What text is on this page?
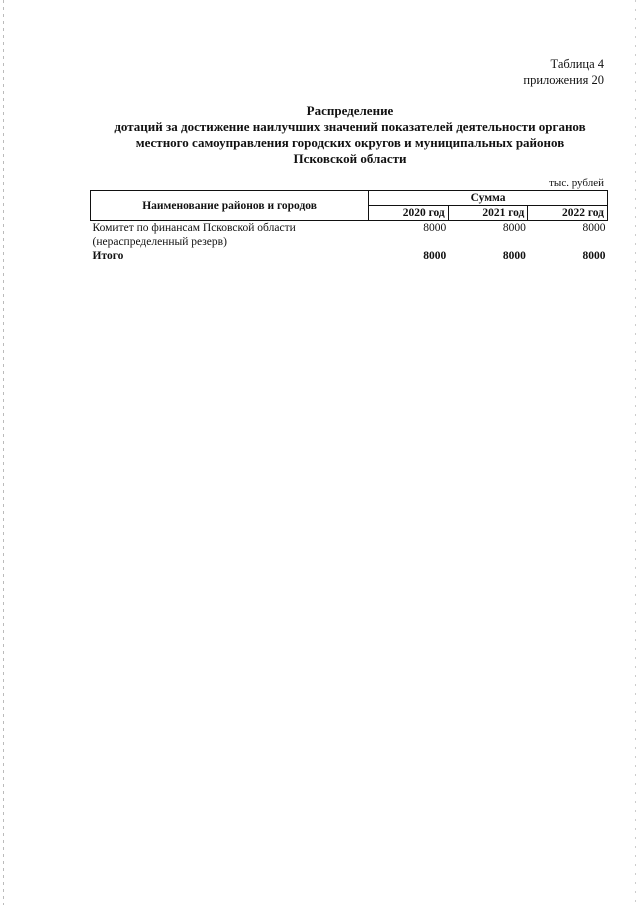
Таблица 4
приложения 20
Распределение
дотаций за достижение наилучших значений показателей деятельности органов
местного самоуправления городских округов и муниципальных районов
Псковской области
тыс. рублей
Наименование районов и городов	Сумма		
	2020 год	2021 год	2022 год

Комитет по финансам Псковской области
(нераспределенный резерв)	8000	8000	8000
Итого	8000	8000	8000
